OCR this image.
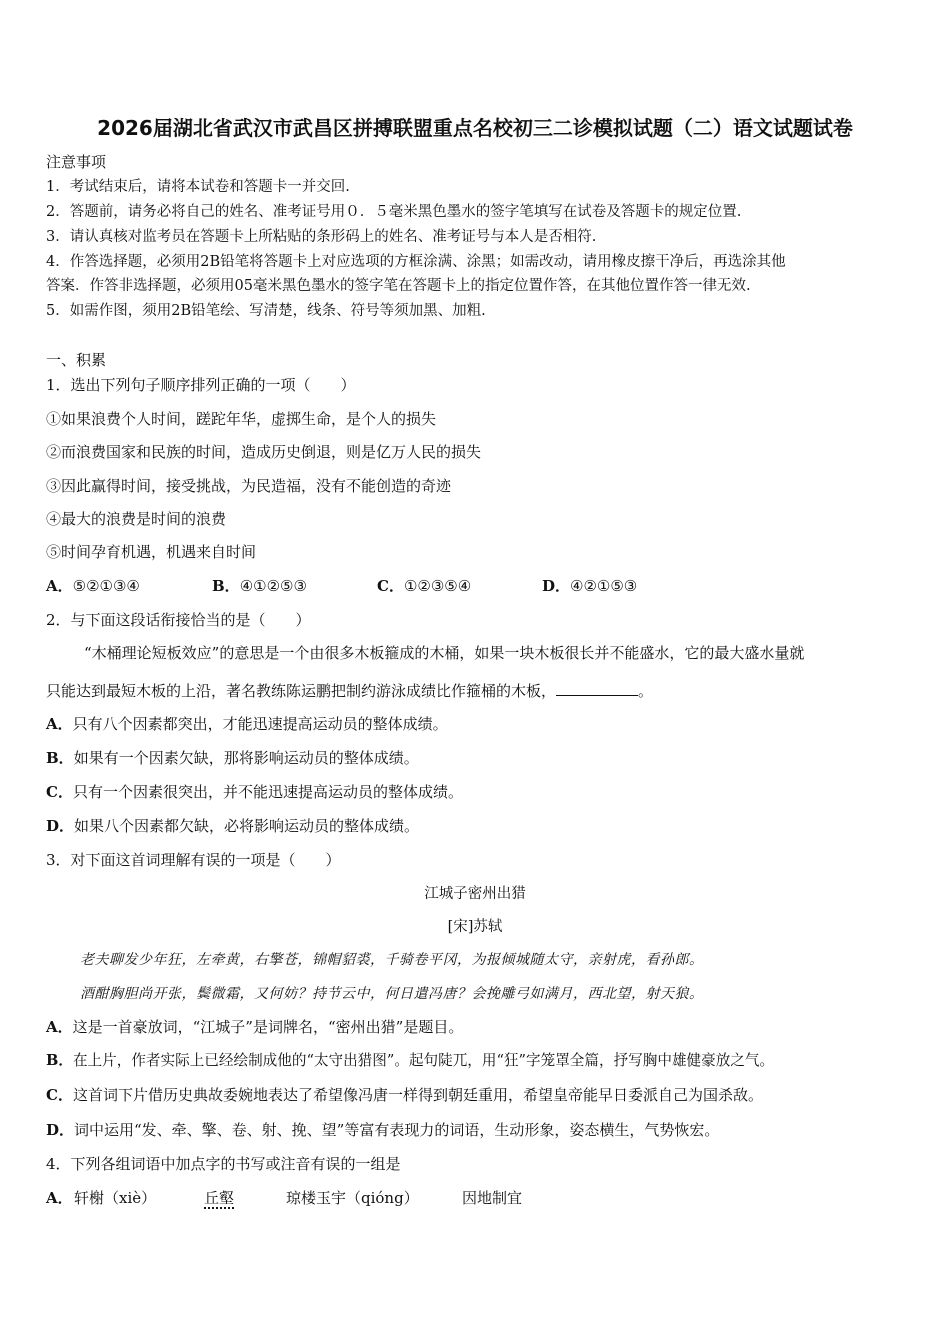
2026届湖北省武汉市武昌区拼搏联盟重点名校初三二诊模拟试题（二）语文试题试卷
注意事项
1．考试结束后，请将本试卷和答题卡一并交回.
2．答题前，请务必将自己的姓名、准考证号用０．５毫米黑色墨水的签字笔填写在试卷及答题卡的规定位置.
3．请认真核对监考员在答题卡上所粘贴的条形码上的姓名、准考证号与本人是否相符.
4．作答选择题，必须用2B铅笔将答题卡上对应选项的方框涂满、涂黑；如需改动，请用橡皮擦干净后，再选涂其他
答案．作答非选择题，必须用05毫米黑色墨水的签字笔在答题卡上的指定位置作答，在其他位置作答一律无效.
5．如需作图，须用2B铅笔绘、写清楚，线条、符号等须加黑、加粗.
一、积累
1．选出下列句子顺序排列正确的一项（　　）
①如果浪费个人时间，蹉跎年华，虚掷生命，是个人的损失
②而浪费国家和民族的时间，造成历史倒退，则是亿万人民的损失
③因此赢得时间，接受挑战，为民造福，没有不能创造的奇迹
④最大的浪费是时间的浪费
⑤时间孕育机遇，机遇来自时间
A．⑤②①③④	B．④①②⑤③	C．①②③⑤④	D．④②①⑤③
2．与下面这段话衔接恰当的是（　　）
“木桶理论短板效应”的意思是一个由很多木板箍成的木桶，如果一块木板很长并不能盛水，它的最大盛水量就
只能达到最短木板的上沿，著名教练陈运鹏把制约游泳成绩比作箍桶的木板，	。
A．只有八个因素都突出，才能迅速提高运动员的整体成绩。
B．如果有一个因素欠缺，那将影响运动员的整体成绩。
C．只有一个因素很突出，并不能迅速提高运动员的整体成绩。
D．如果八个因素都欠缺，必将影响运动员的整体成绩。
3．对下面这首词理解有误的一项是（　　）
江城子密州出猎
[宋]苏轼
老夫聊发少年狂，左牵黄，右擎苍，锦帽貂裘，千骑卷平冈，为报倾城随太守，亲射虎，看孙郎。
酒酣胸胆尚开张，鬓微霜，又何妨？持节云中，何日遣冯唐？会挽雕弓如满月，西北望，射天狼。
A．这是一首豪放词，“江城子”是词牌名，“密州出猎”是题目。
B．在上片，作者实际上已经绘制成他的“太守出猎图”。起句陡兀，用“狂”字笼罩全篇，抒写胸中雄健豪放之气。
C．这首词下片借历史典故委婉地表达了希望像冯唐一样得到朝廷重用，希望皇帝能早日委派自己为国杀敌。
D．词中运用“发、牵、擎、卷、射、挽、望”等富有表现力的词语，生动形象，姿态横生，气势恢宏。
4．下列各组词语中加点字的书写或注音有误的一组是
A． 轩榭（xiè）	丘壑	琼楼玉宇（qióng）	因地制宜
